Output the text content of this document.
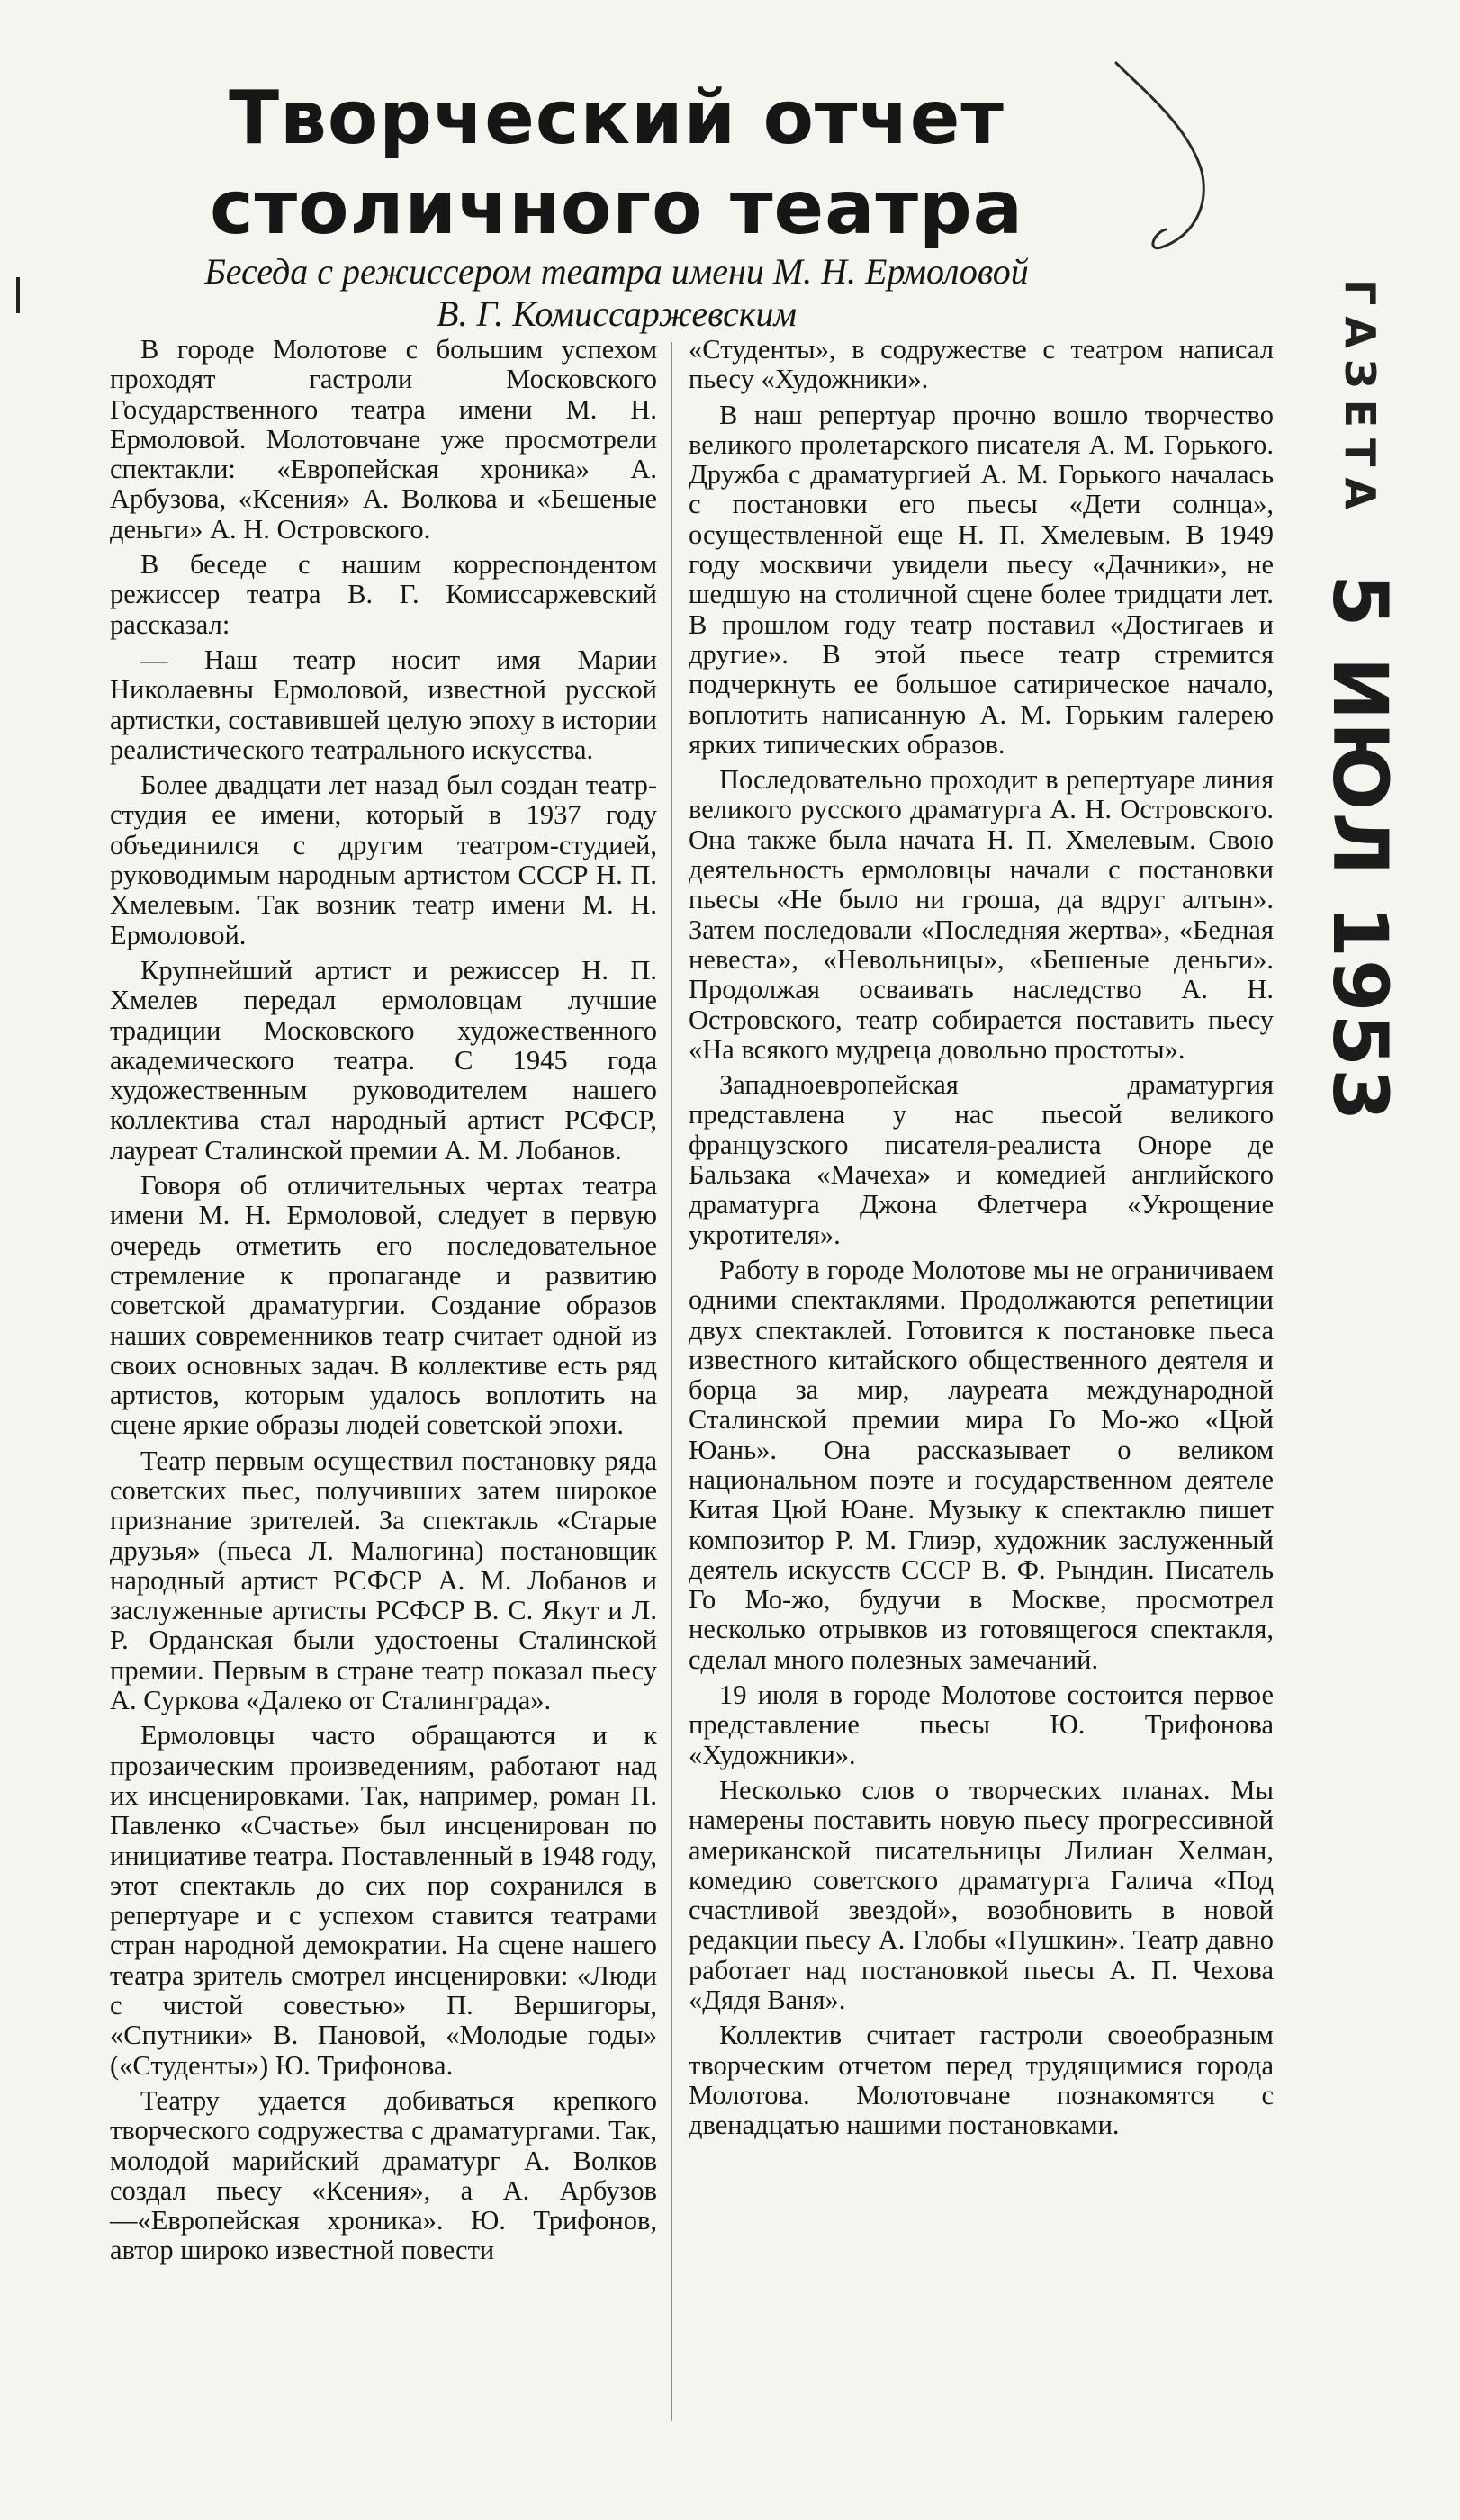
Творческий отчет столичного театра
Беседа с режиссером театра имени М. Н. Ермоловой
В. Г. Комиссаржевским	ГАЗЕТА
5 ИЮЛ 1953

В городе Молотове с большим успехом проходят гастроли Московского Государственного театра имени М. Н. Ермоловой. Молотовчане уже просмотрели спектакли: «Европейская хроника» А. Арбузова, «Ксения» А. Волкова и «Бешеные деньги» А. Н. Островского.

В беседе с нашим корреспондентом режиссер театра В. Г. Комиссаржевский рассказал:

— Наш театр носит имя Марии Николаевны Ермоловой, известной русской артистки, составившей целую эпоху в истории реалистического театрального искусства.

Более двадцати лет назад был создан театр-студия ее имени, который в 1937 году объединился с другим театром-студией, руководимым народным артистом СССР Н. П. Хмелевым. Так возник театр имени М. Н. Ермоловой.

Крупнейший артист и режиссер Н. П. Хмелев передал ермоловцам лучшие традиции Московского художественного академического театра. С 1945 года художественным руководителем нашего коллектива стал народный артист РСФСР, лауреат Сталинской премии А. М. Лобанов.

Говоря об отличительных чертах театра имени М. Н. Ермоловой, следует в первую очередь отметить его последовательное стремление к пропаганде и развитию советской драматургии. Создание образов наших современников театр считает одной из своих основных задач. В коллективе есть ряд артистов, которым удалось воплотить на сцене яркие образы людей советской эпохи.

Театр первым осуществил постановку ряда советских пьес, получивших затем широкое признание зрителей. За спектакль «Старые друзья» (пьеса Л. Малюгина) постановщик народный артист РСФСР А. М. Лобанов и заслуженные артисты РСФСР В. С. Якут и Л. Р. Орданская были удостоены Сталинской премии. Первым в стране театр показал пьесу А. Суркова «Далеко от Сталинграда».

Ермоловцы часто обращаются и к прозаическим произведениям, работают над их инсценировками. Так, например, роман П. Павленко «Счастье» был инсценирован по инициативе театра. Поставленный в 1948 году, этот спектакль до сих пор сохранился в репертуаре и с успехом ставится театрами стран народной демократии. На сцене нашего театра зритель смотрел инсценировки: «Люди с чистой совестью» П. Вершигоры, «Спутники» В. Пановой, «Молодые годы» («Студенты») Ю. Трифонова.

Театру удается добиваться крепкого творческого содружества с драматургами. Так, молодой марийский драматург А. Волков создал пьесу «Ксения», а А. Арбузов—«Европейская хроника». Ю. Трифонов, автор широко известной повести

«Студенты», в содружестве с театром написал пьесу «Художники».

В наш репертуар прочно вошло творчество великого пролетарского писателя А. М. Горького. Дружба с драматургией А. М. Горького началась с постановки его пьесы «Дети солнца», осуществленной еще Н. П. Хмелевым. В 1949 году москвичи увидели пьесу «Дачники», не шедшую на столичной сцене более тридцати лет. В прошлом году театр поставил «Достигаев и другие». В этой пьесе театр стремится подчеркнуть ее большое сатирическое начало, воплотить написанную А. М. Горьким галерею ярких типических образов.

Последовательно проходит в репертуаре линия великого русского драматурга А. Н. Островского. Она также была начата Н. П. Хмелевым. Свою деятельность ермоловцы начали с постановки пьесы «Не было ни гроша, да вдруг алтын». Затем последовали «Последняя жертва», «Бедная невеста», «Невольницы», «Бешеные деньги». Продолжая осваивать наследство А. Н. Островского, театр собирается поставить пьесу «На всякого мудреца довольно простоты».

Западноевропейская драматургия представлена у нас пьесой великого французского писателя-реалиста Оноре де Бальзака «Мачеха» и комедией английского драматурга Джона Флетчера «Укрощение укротителя».

Работу в городе Молотове мы не ограничиваем одними спектаклями. Продолжаются репетиции двух спектаклей. Готовится к постановке пьеса известного китайского общественного деятеля и борца за мир, лауреата международной Сталинской премии мира Го Мо-жо «Цюй Юань». Она рассказывает о великом национальном поэте и государственном деятеле Китая Цюй Юане. Музыку к спектаклю пишет композитор Р. М. Глиэр, художник заслуженный деятель искусств СССР В. Ф. Рындин. Писатель Го Мо-жо, будучи в Москве, просмотрел несколько отрывков из готовящегося спектакля, сделал много полезных замечаний.

19 июля в городе Молотове состоится первое представление пьесы Ю. Трифонова «Художники».

Несколько слов о творческих планах. Мы намерены поставить новую пьесу прогрессивной американской писательницы Лилиан Хелман, комедию советского драматурга Галича «Под счастливой звездой», возобновить в новой редакции пьесу А. Глобы «Пушкин». Театр давно работает над постановкой пьесы А. П. Чехова «Дядя Ваня».

Коллектив считает гастроли своеобразным творческим отчетом перед трудящимися города Молотова. Молотовчане познакомятся с двенадцатью нашими постановками.
